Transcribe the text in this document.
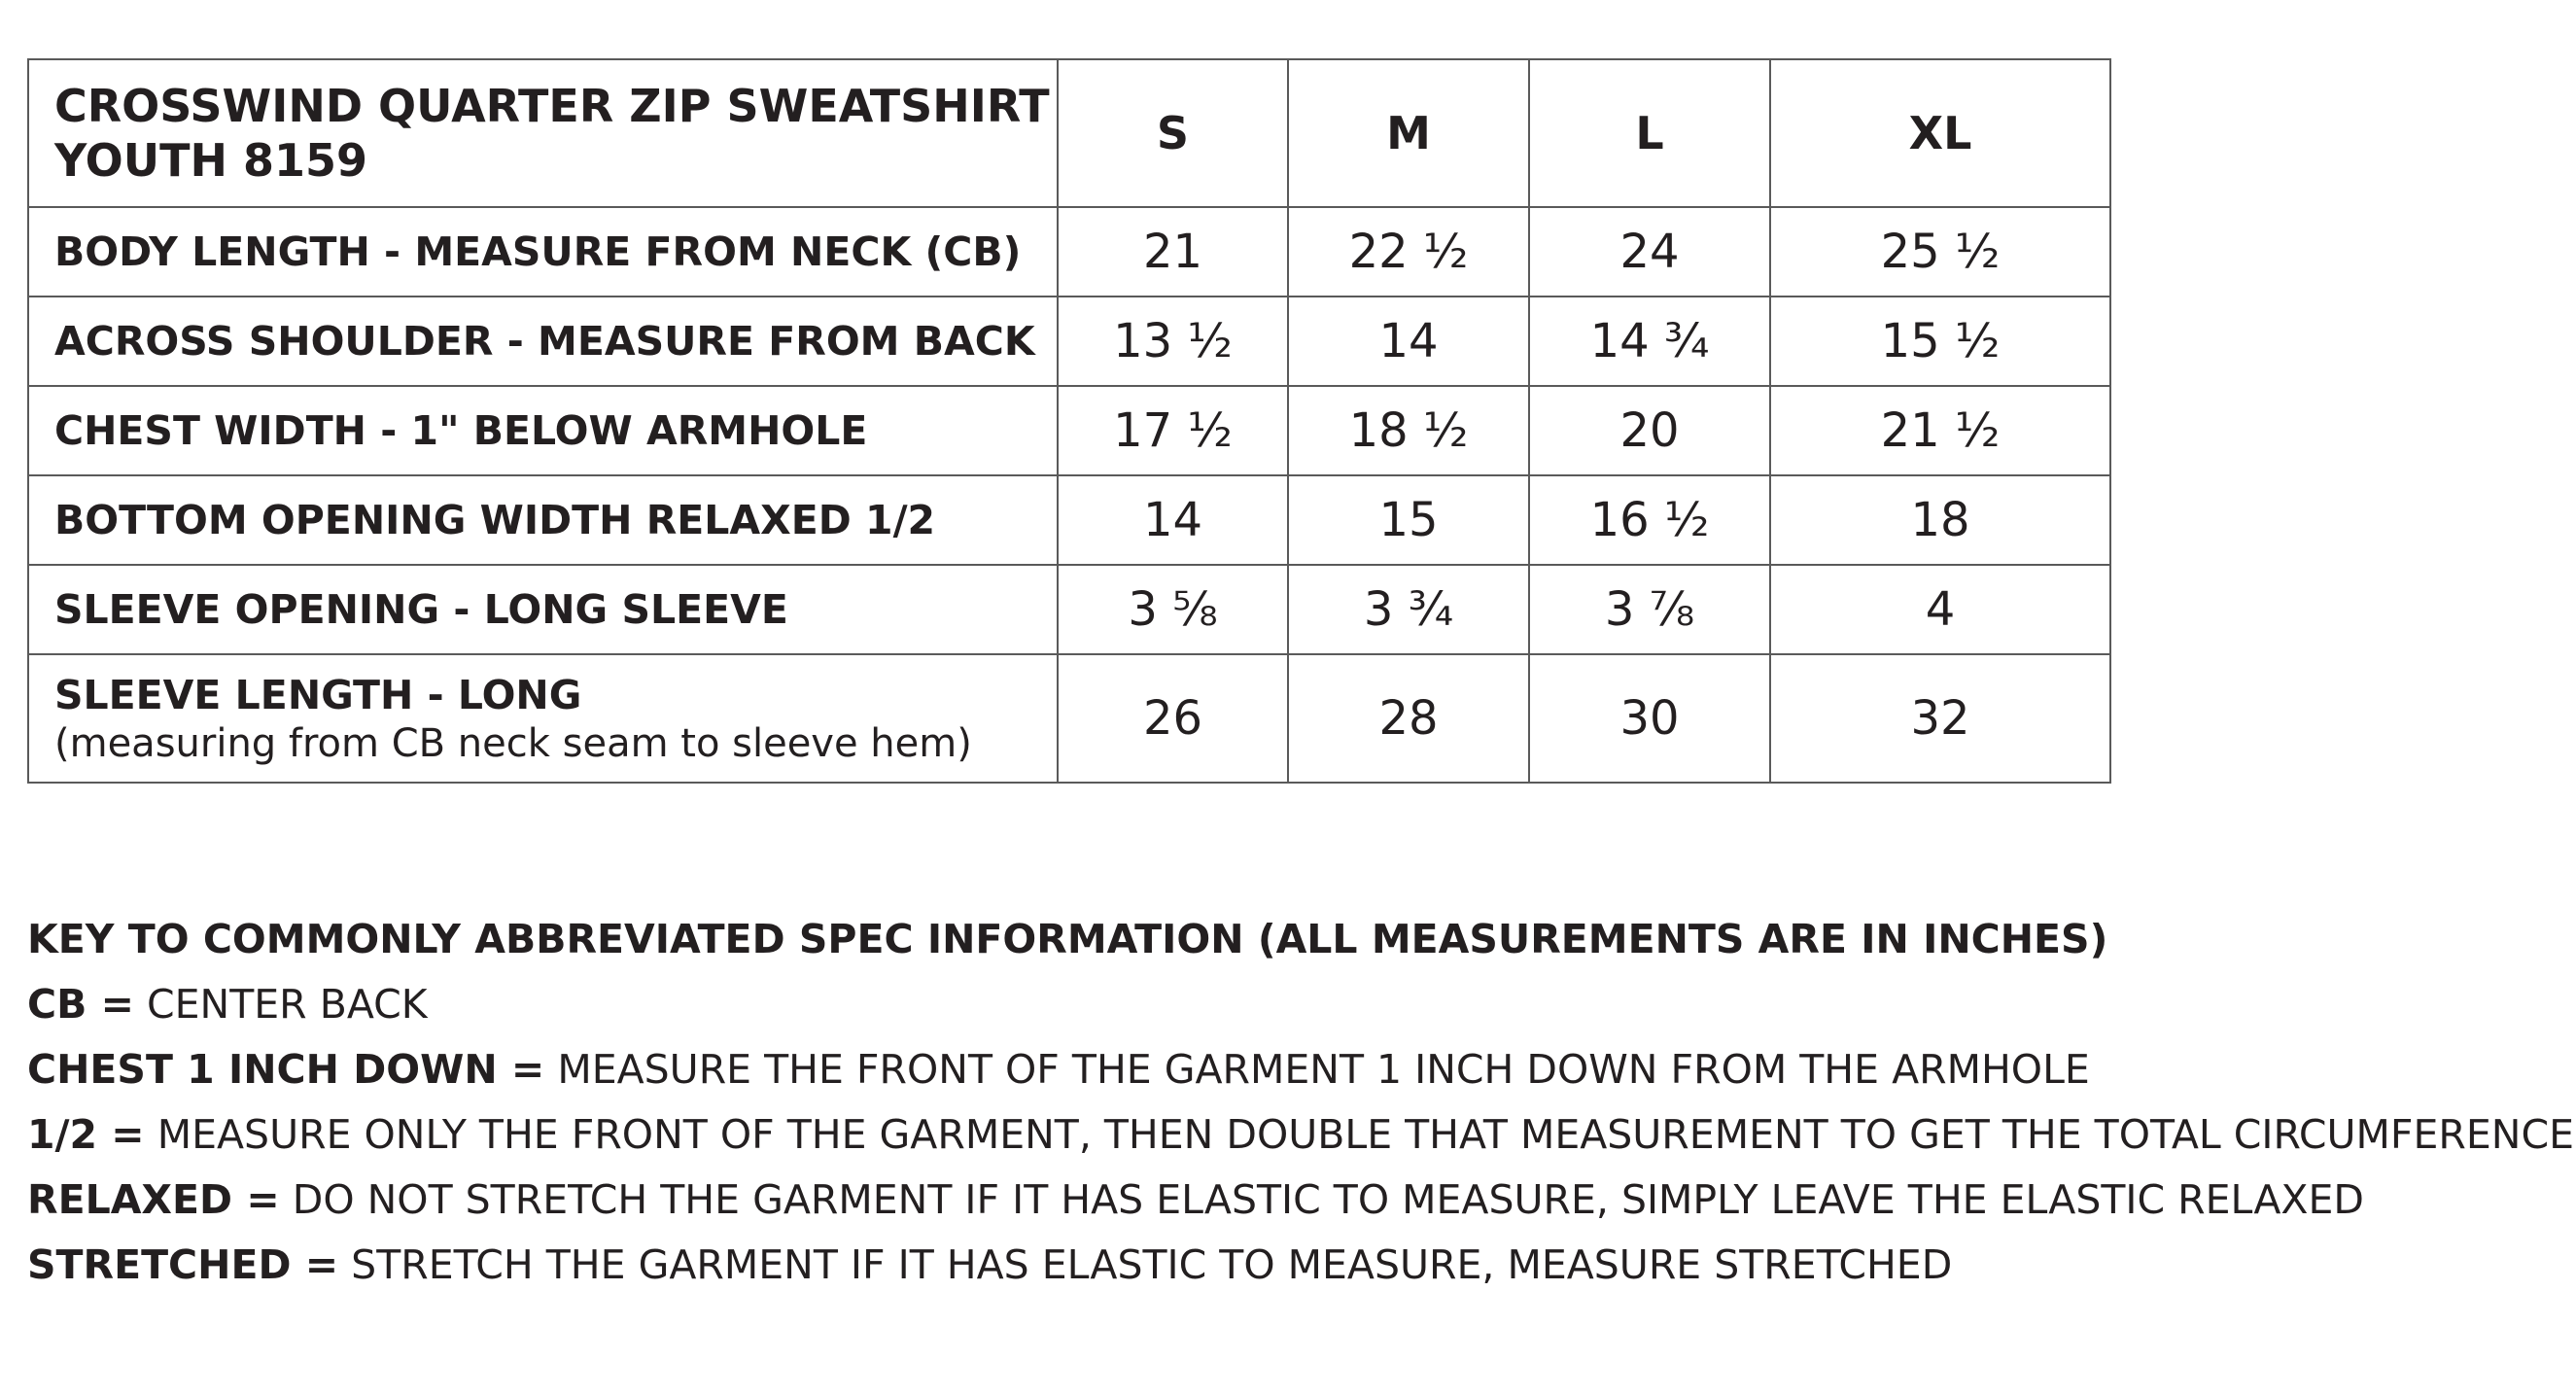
CROSSWIND QUARTER ZIP SWEATSHIRT
YOUTH 8159	S	M	L	XL
BODY LENGTH - MEASURE FROM NECK (CB)	21	22 ½	24	25 ½
ACROSS SHOULDER - MEASURE FROM BACK	13 ½	14	14 ¾	15 ½
CHEST WIDTH - 1" BELOW ARMHOLE	17 ½	18 ½	20	21 ½
BOTTOM OPENING WIDTH RELAXED 1/2	14	15	16 ½	18
SLEEVE OPENING - LONG SLEEVE	3 ⅝	3 ¾	3 ⅞	4

SLEEVE LENGTH - LONG
(measuring from CB neck seam to sleeve hem)	26	28	30	32
KEY TO COMMONLY ABBREVIATED SPEC INFORMATION (ALL MEASUREMENTS ARE IN INCHES)
CB = CENTER BACK
CHEST 1 INCH DOWN = MEASURE THE FRONT OF THE GARMENT 1 INCH DOWN FROM THE ARMHOLE
1/2 = MEASURE ONLY THE FRONT OF THE GARMENT, THEN DOUBLE THAT MEASUREMENT TO GET THE TOTAL CIRCUMFERENCE
RELAXED = DO NOT STRETCH THE GARMENT IF IT HAS ELASTIC TO MEASURE, SIMPLY LEAVE THE ELASTIC RELAXED
STRETCHED = STRETCH THE GARMENT IF IT HAS ELASTIC TO MEASURE, MEASURE STRETCHED
